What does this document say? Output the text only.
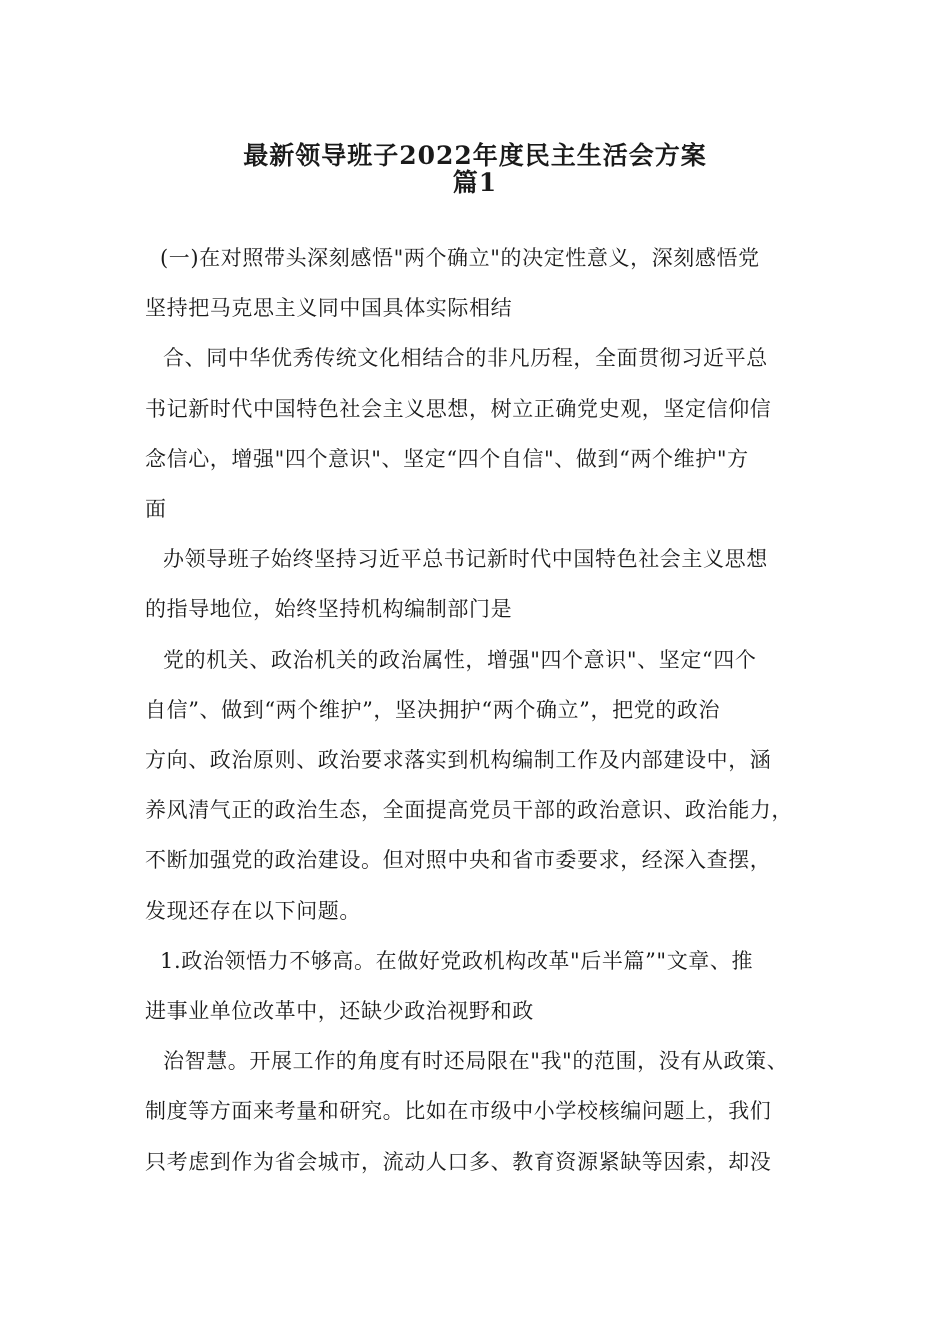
最新领导班子2022年度民主生活会方案
篇1
(一)在对照带头深刻感悟"两个确立"的决定性意义，深刻感悟党
坚持把马克思主义同中国具体实际相结
合、同中华优秀传统文化相结合的非凡历程，全面贯彻习近平总
书记新时代中国特色社会主义思想，树立正确党史观，坚定信仰信
念信心，增强"四个意识"、坚定“四个自信"、做到“两个维护"方
面
办领导班子始终坚持习近平总书记新时代中国特色社会主义思想
的指导地位，始终坚持机构编制部门是
党的机关、政治机关的政治属性，增强"四个意识"、坚定“四个
自信”、做到“两个维护”，坚决拥护“两个确立”，把党的政治
方向、政治原则、政治要求落实到机构编制工作及内部建设中，涵
养风清气正的政治生态，全面提高党员干部的政治意识、政治能力，
不断加强党的政治建设。但对照中央和省市委要求，经深入查摆，
发现还存在以下问题。
1.政治领悟力不够高。在做好党政机构改革"后半篇”"文章、推
进事业单位改革中，还缺少政治视野和政
治智慧。开展工作的角度有时还局限在"我"的范围，没有从政策、
制度等方面来考量和研究。比如在市级中小学校核编问题上，我们
只考虑到作为省会城市，流动人口多、教育资源紧缺等因索，却没
